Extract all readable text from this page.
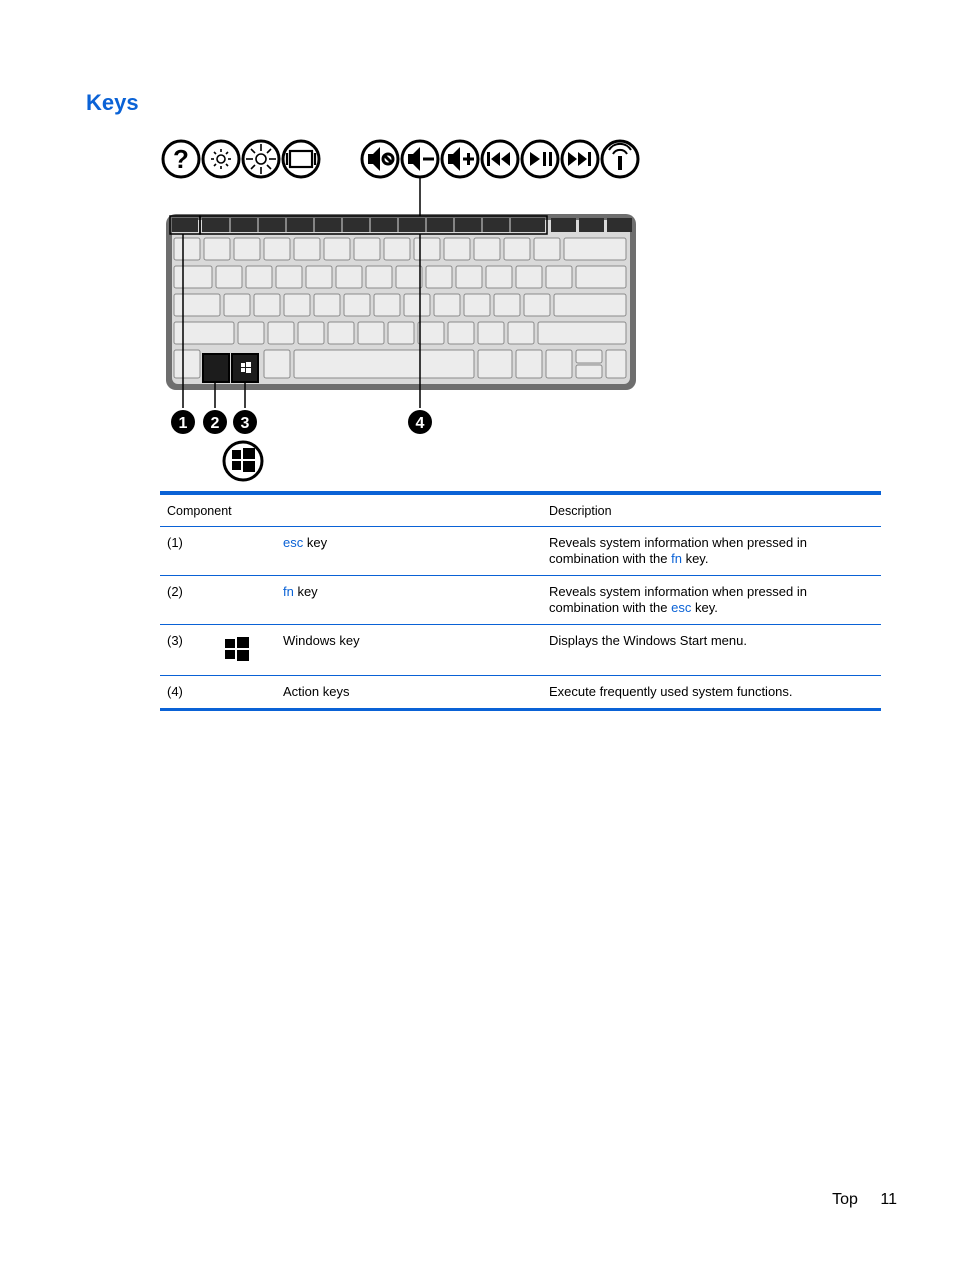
Keys
?
1 2 3	4
Component			Description
(1)		esc key	Reveals system information when pressed in combination with the fn key.
(2)		fn key	Reveals system information when pressed in combination with the esc key.
(3)		Windows key	Displays the Windows Start menu.
(4)		Action keys	Execute frequently used system functions.
Top 11
